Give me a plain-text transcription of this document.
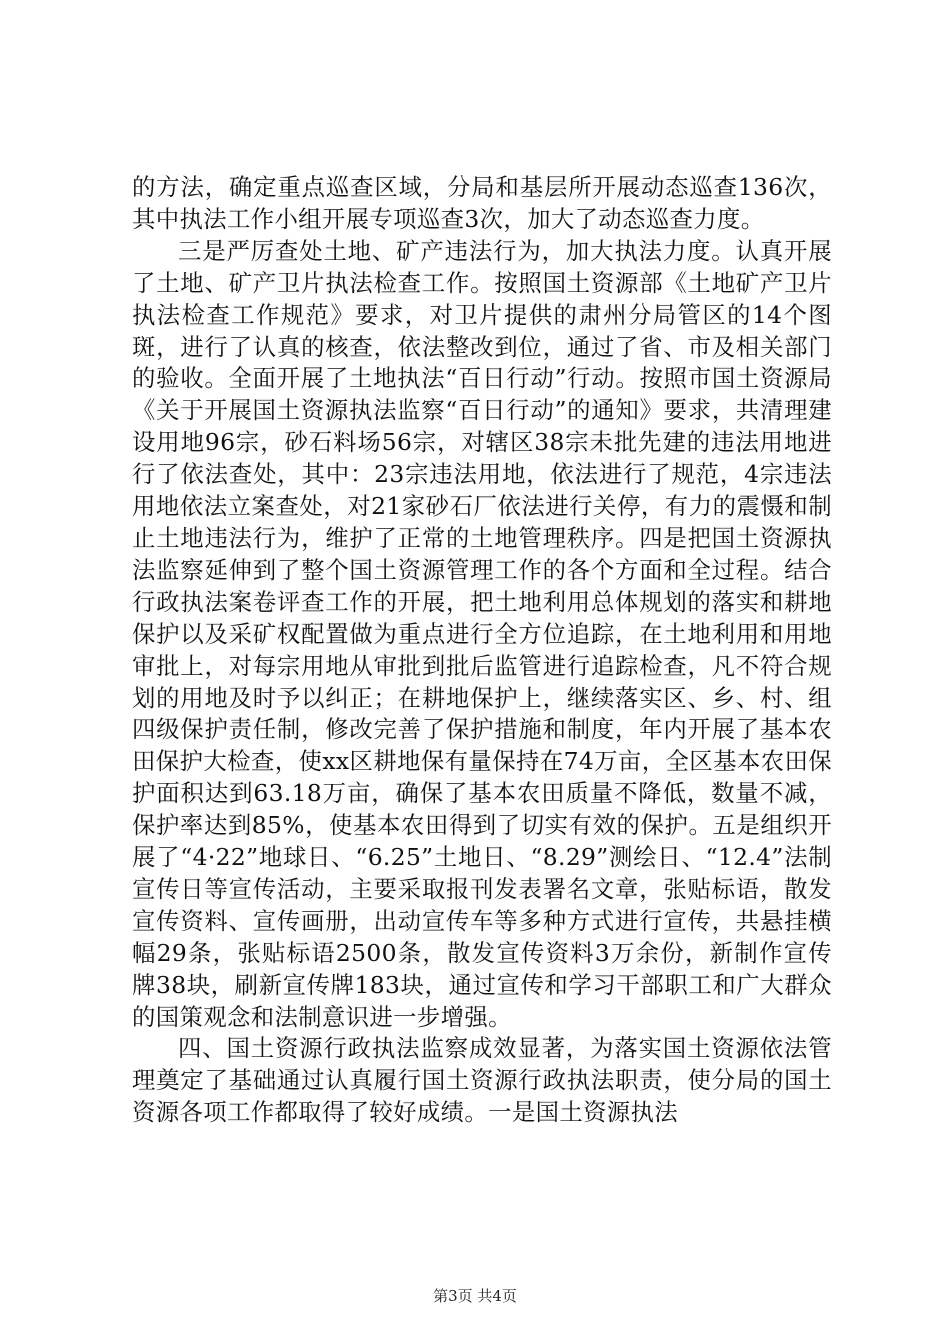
的方法，确定重点巡查区域，分局和基层所开展动态巡查136次，其中执法工作小组开展专项巡查3次，加大了动态巡查力度。

三是严厉查处土地、矿产违法行为，加大执法力度。认真开展了土地、矿产卫片执法检查工作。按照国土资源部《土地矿产卫片执法检查工作规范》要求，对卫片提供的肃州分局管区的14个图斑，进行了认真的核查，依法整改到位，通过了省、市及相关部门的验收。全面开展了土地执法“百日行动”行动。按照市国土资源局《关于开展国土资源执法监察“百日行动”的通知》要求，共清理建设用地96宗，砂石料场56宗，对辖区38宗未批先建的违法用地进行了依法查处，其中：23宗违法用地，依法进行了规范，4宗违法用地依法立案查处，对21家砂石厂依法进行关停，有力的震慑和制止土地违法行为，维护了正常的土地管理秩序。四是把国土资源执法监察延伸到了整个国土资源管理工作的各个方面和全过程。结合行政执法案卷评查工作的开展，把土地利用总体规划的落实和耕地保护以及采矿权配置做为重点进行全方位追踪，在土地利用和用地审批上，对每宗用地从审批到批后监管进行追踪检查，凡不符合规划的用地及时予以纠正；在耕地保护上，继续落实区、乡、村、组四级保护责任制，修改完善了保护措施和制度，年内开展了基本农田保护大检查，使xx区耕地保有量保持在74万亩，全区基本农田保护面积达到63.18万亩，确保了基本农田质量不降低，数量不减，保护率达到85%，使基本农田得到了切实有效的保护。五是组织开展了“4·22”地球日、“6.25”土地日、“8.29”测绘日、“12.4”法制宣传日等宣传活动，主要采取报刊发表署名文章，张贴标语，散发宣传资料、宣传画册，出动宣传车等多种方式进行宣传，共悬挂横幅29条，张贴标语2500条，散发宣传资料3万余份，新制作宣传牌38块，刷新宣传牌183块，通过宣传和学习干部职工和广大群众的国策观念和法制意识进一步增强。

四、国土资源行政执法监察成效显著，为落实国土资源依法管理奠定了基础通过认真履行国土资源行政执法职责，使分局的国土资源各项工作都取得了较好成绩。一是国土资源执法

第3页 共4页
